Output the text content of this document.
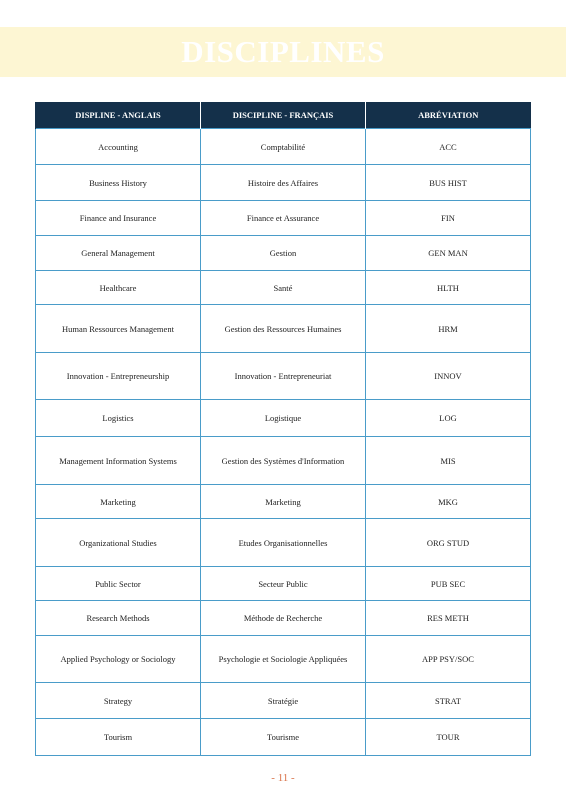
DISCIPLINES
DISPLINE - ANGLAIS	DISCIPLINE - FRANÇAIS	ABRÉVIATION
Accounting	Comptabilité	ACC
Business History	Histoire des Affaires	BUS HIST
Finance and Insurance	Finance et Assurance	FIN
General Management	Gestion	GEN MAN
Healthcare	Santé	HLTH
Human Ressources Management	Gestion des Ressources Humaines	HRM
Innovation - Entrepreneurship	Innovation - Entrepreneuriat	INNOV
Logistics	Logistique	LOG
Management Information Systems	Gestion des Systèmes d'Information	MIS
Marketing	Marketing	MKG
Organizational Studies	Etudes Organisationnelles	ORG STUD
Public Sector	Secteur Public	PUB SEC
Research Methods	Méthode de Recherche	RES METH
Applied Psychology or Sociology	Psychologie et Sociologie Appliquées	APP PSY/SOC
Strategy	Stratégie	STRAT
Tourism	Tourisme	TOUR
- 11 -
